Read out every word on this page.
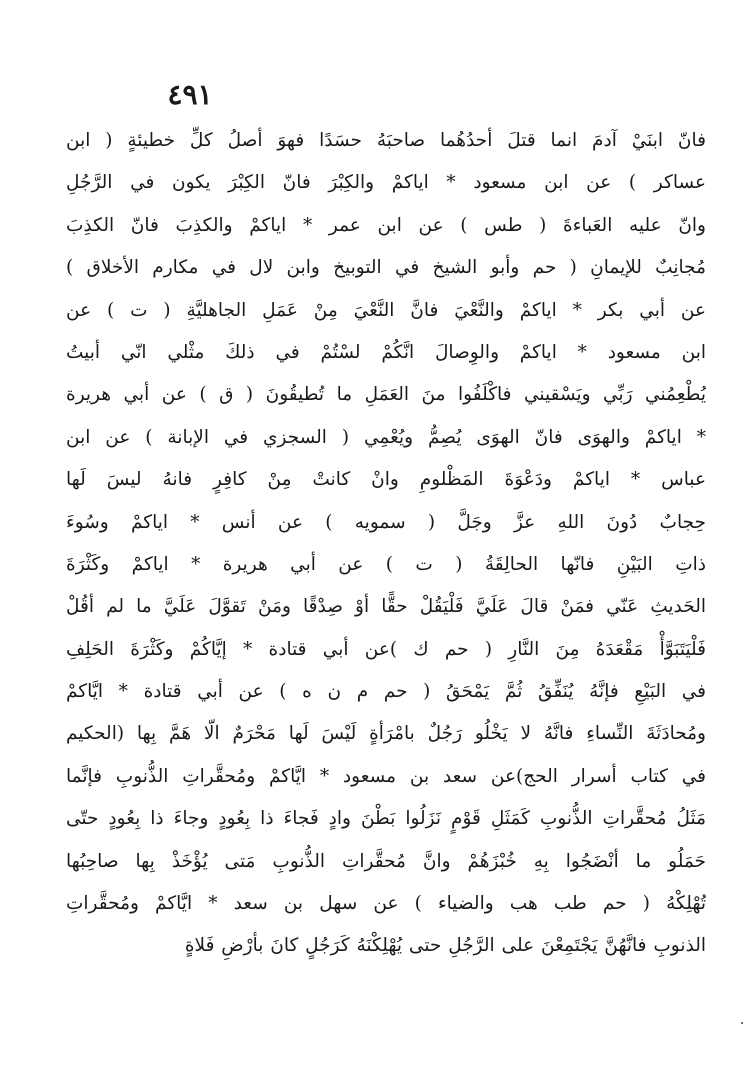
٤٩١
فانّ ابنَيْ آدمَ انما قتلَ أحدُهُما صاحبَهُ حسَدًا فهوَ أصلُ كلِّ خطيئةٍ ( ابن
عساكر ) عن ابن مسعود * اياكمْ والكِبْرَ فانّ الكِبْرَ يكون في الرَّجُلِ
وانّ عليه العَباءةَ ( طس ) عن ابن عمر * اياكمْ والكذِبَ فانّ الكذِبَ
مُجانِبٌ للإيمانِ ( حم وأبو الشيخ في التوبيخ وابن لال في مكارم الأخلاق )
عن أبي بكر * اياكمْ والنَّعْيَ فانَّ النَّعْيَ مِنْ عَمَلِ الجاهليَّةِ ( ت ) عن
ابن مسعود * اياكمْ والوِصالَ انَّكُمْ لسْتُمْ في ذلكَ مثْلي انّي أبيتُ
يُطْعِمُني رَبِّي ويَسْقيني فاكْلَفُوا منَ العَمَلِ ما تُطيقُونَ ( ق ) عن أبي هريرة
* اياكمْ والهوَى فانّ الهوَى يُصِمُّ ويُعْمِي ( السجزي في الإبانة ) عن ابن
عباس * اياكمْ ودَعْوَةَ المَظْلومِ وانْ كانتْ مِنْ كافِرٍ فانهُ ليسَ لَها
حِجابٌ دُونَ اللهِ عزَّ وجَلَّ ( سمويه ) عن أنس * اياكمْ وسُوءَ
ذاتِ البَيْنِ فانّها الحالِقَةُ ( ت ) عن أبي هريرة * اياكمْ وكَثْرَةَ
الحَديثِ عَنّي فمَنْ قالَ عَلَيَّ فَلْيَقُلْ حقًّا أوْ صِدْقًا ومَنْ تَقوَّلَ عَلَيَّ ما لم أقُلْ
فَلْيَتَبَوَّأْ مَقْعَدَهُ مِنَ النَّارِ ( حم ك )عن أبي قتادة * إيَّاكُمْ وكَثْرَةَ الحَلِفِ
في البَيْعِ فإنَّهُ يُنَفِّقُ ثُمَّ يَمْحَقُ ( حم م ن ه ) عن أبي قتادة * ايَّاكمْ
ومُحادَثَةَ النِّساءِ فانَّهُ لا يَخْلُو رَجُلٌ بامْرَأةٍ لَيْسَ لَها مَحْرَمٌ الّا هَمَّ بِها (الحكيم
في كتاب أسرار الحج)عن سعد بن مسعود * ايَّاكمْ ومُحقَّراتِ الذُّنوبِ فإنَّما
مَثَلُ مُحقَّراتِ الذُّنوبِ كَمَثَلِ قَوْمٍ نَزَلُوا بَطْنَ وادٍ فَجاءَ ذا بِعُودٍ وجاءَ ذا بِعُودٍ حتّى
حَمَلُو ما أنْضَجُوا بِهِ خُبْزَهُمْ وانَّ مُحقَّراتِ الذُّنوبِ مَتى يُؤْخَذْ بِها صاحِبُها
تُهْلِكْهُ ( حم طب هب والضياء ) عن سهل بن سعد * ايَّاكمْ ومُحقَّراتِ
الذنوبِ فانَّهُنَّ يَجْتَمِعْنَ على الرَّجُلِ حتى يُهْلِكْنَهُ كَرَجُلٍ كانَ بأرْضِ فَلاةٍ
